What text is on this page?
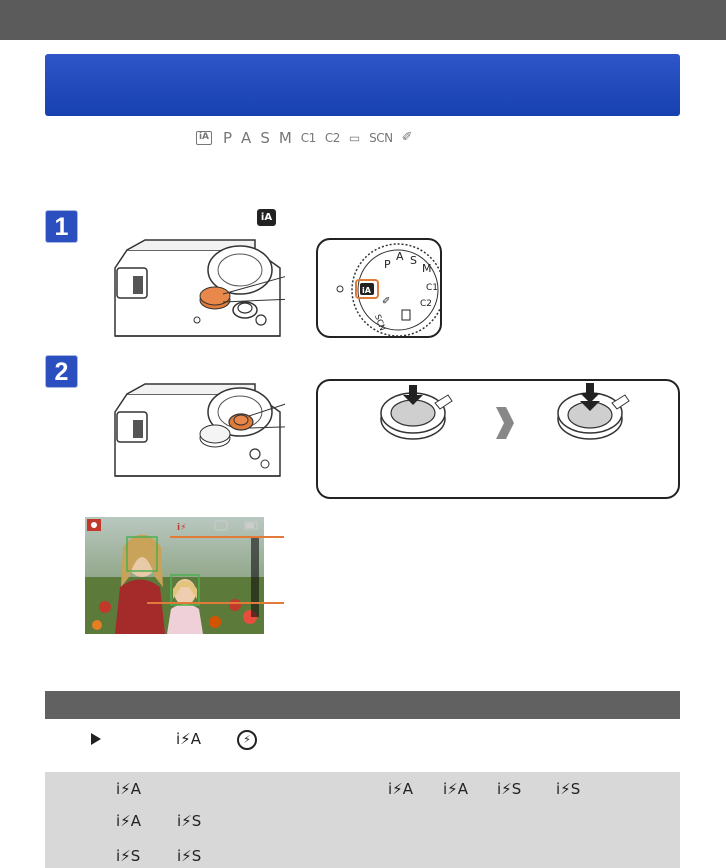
iA P A S M C1 C2 ▭ SCN ✐
1	iA
P
A S
M
C1
C2
SCN
✐
iA
2
i⚡
i⚡A	⚡
i⚡A	i⚡A i⚡A i⚡S i⚡S
i⚡A i⚡S
i⚡S i⚡S
